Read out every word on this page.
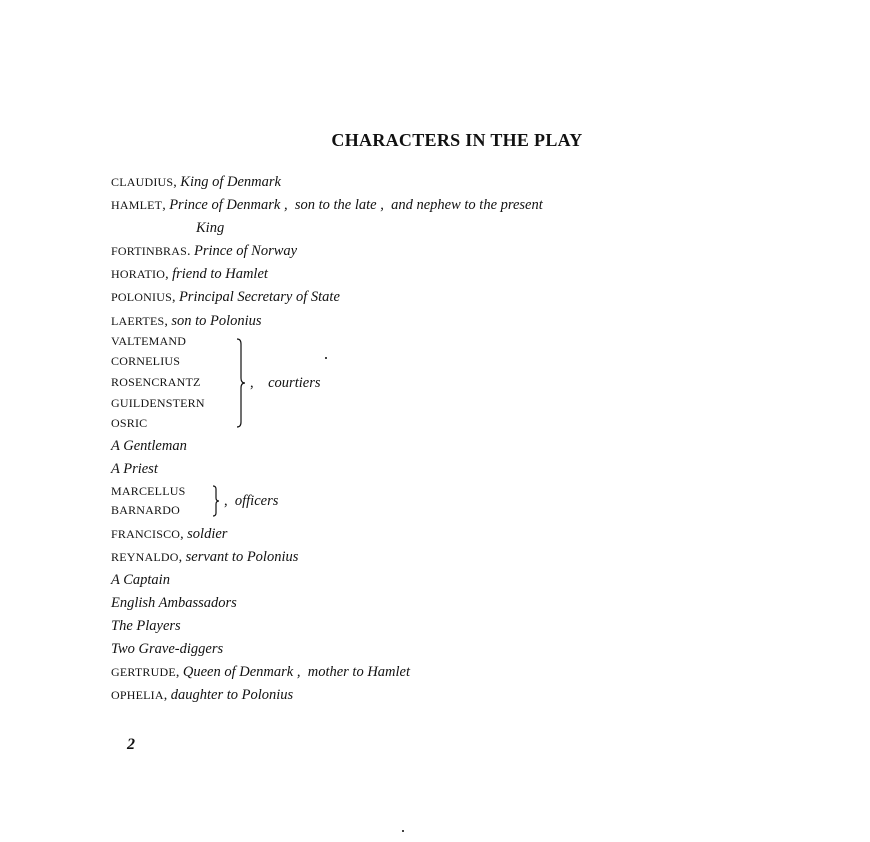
CHARACTERS IN THE PLAY
CLAUDIUS, King of Denmark
HAMLET, Prince of Denmark ,  son to the late ,  and nephew to the present
King
FORTINBRAS. Prince of Norway
HORATIO, friend to Hamlet
POLONIUS, Principal Secretary of State
LAERTES, son to Polonius
VALTEMAND
CORNELIUS
ROSENCRANTZ
GUILDENSTERN
OSRIC
,    courtiers
A Gentleman
A Priest
MARCELLUS
BARNARDO
,  officers
FRANCISCO, soldier
REYNALDO, servant to Polonius
A Captain
English Ambassadors
The Players
Two Grave-diggers
GERTRUDE, Queen of Denmark ,  mother to Hamlet
OPHELIA, daughter to Polonius
2
